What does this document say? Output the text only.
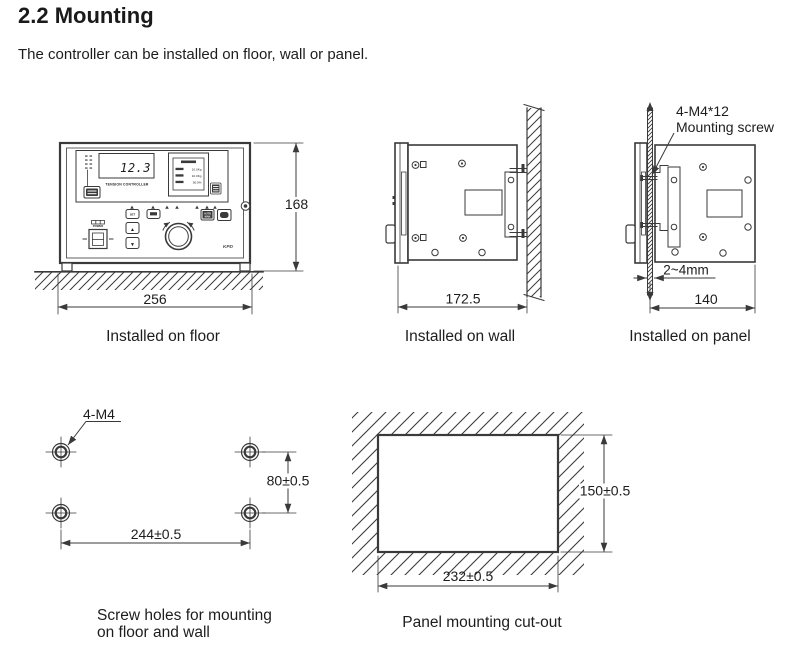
2.2 Mounting
The controller can be installed on floor, wall or panel.
12.3
TENSION CONTROLLER
10.0Kg
10.0Kg
50.0%
SET
▲
▼
AUTO
MAN
KPD
POWER
168
256
Installed on floor
172.5
Installed on wall
4-M4*12
Mounting screw
2~4mm
140
Installed on panel
4-M4
80±0.5
244±0.5
Screw holes for mounting
on floor and wall
150±0.5
232±0.5
Panel mounting cut-out
